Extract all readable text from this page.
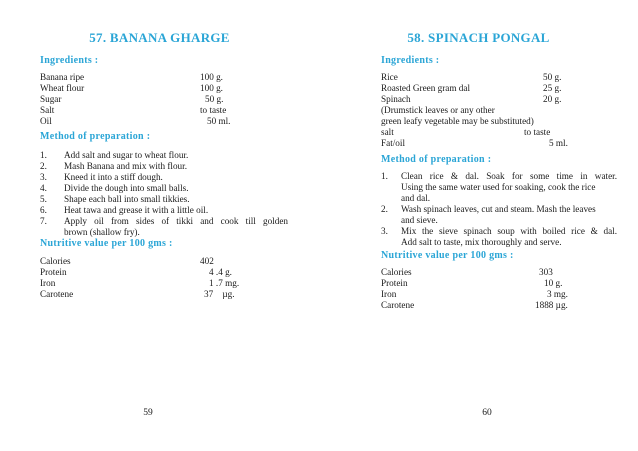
57. BANANA GHARGE
Ingredients :
Banana ripe	100 g.
Wheat flour	100 g.
Sugar	50 g.
Salt	to taste
Oil	50 ml.
Method of preparation :
1. Add salt and sugar to wheat flour.
2. Mash Banana and mix with flour.
3. Kneed it into a stiff dough.
4. Divide the dough into small balls.
5. Shape each ball into small tikkies.
6. Heat tawa and grease it with a little oil.
7. Apply oil from sides of tikki and cook till golden
brown (shallow fry).
Nutritive value per 100 gms :
Calories	402
Protein	4 .4 g.
Iron	1 .7 mg.
Carotene	37    µg.
59
58. SPINACH PONGAL
Ingredients :
Rice	50 g.
Roasted Green gram dal	25 g.
Spinach	20 g.
(Drumstick leaves or any other
green leafy vegetable may be substituted)
salt	to taste
Fat/oil	5 ml.
Method of preparation :
1. Clean rice & dal. Soak for some time in water.
Using the same water used for soaking, cook the rice
and dal.
2. Wash spinach leaves, cut and steam. Mash the leaves
and sieve.
3. Mix the sieve spinach soup with boiled rice & dal.
Add salt to taste, mix thoroughly and serve.
Nutritive value per 100 gms :
Calories	303
Protein	10 g.
Iron	3 mg.
Carotene	1888 µg.
60
